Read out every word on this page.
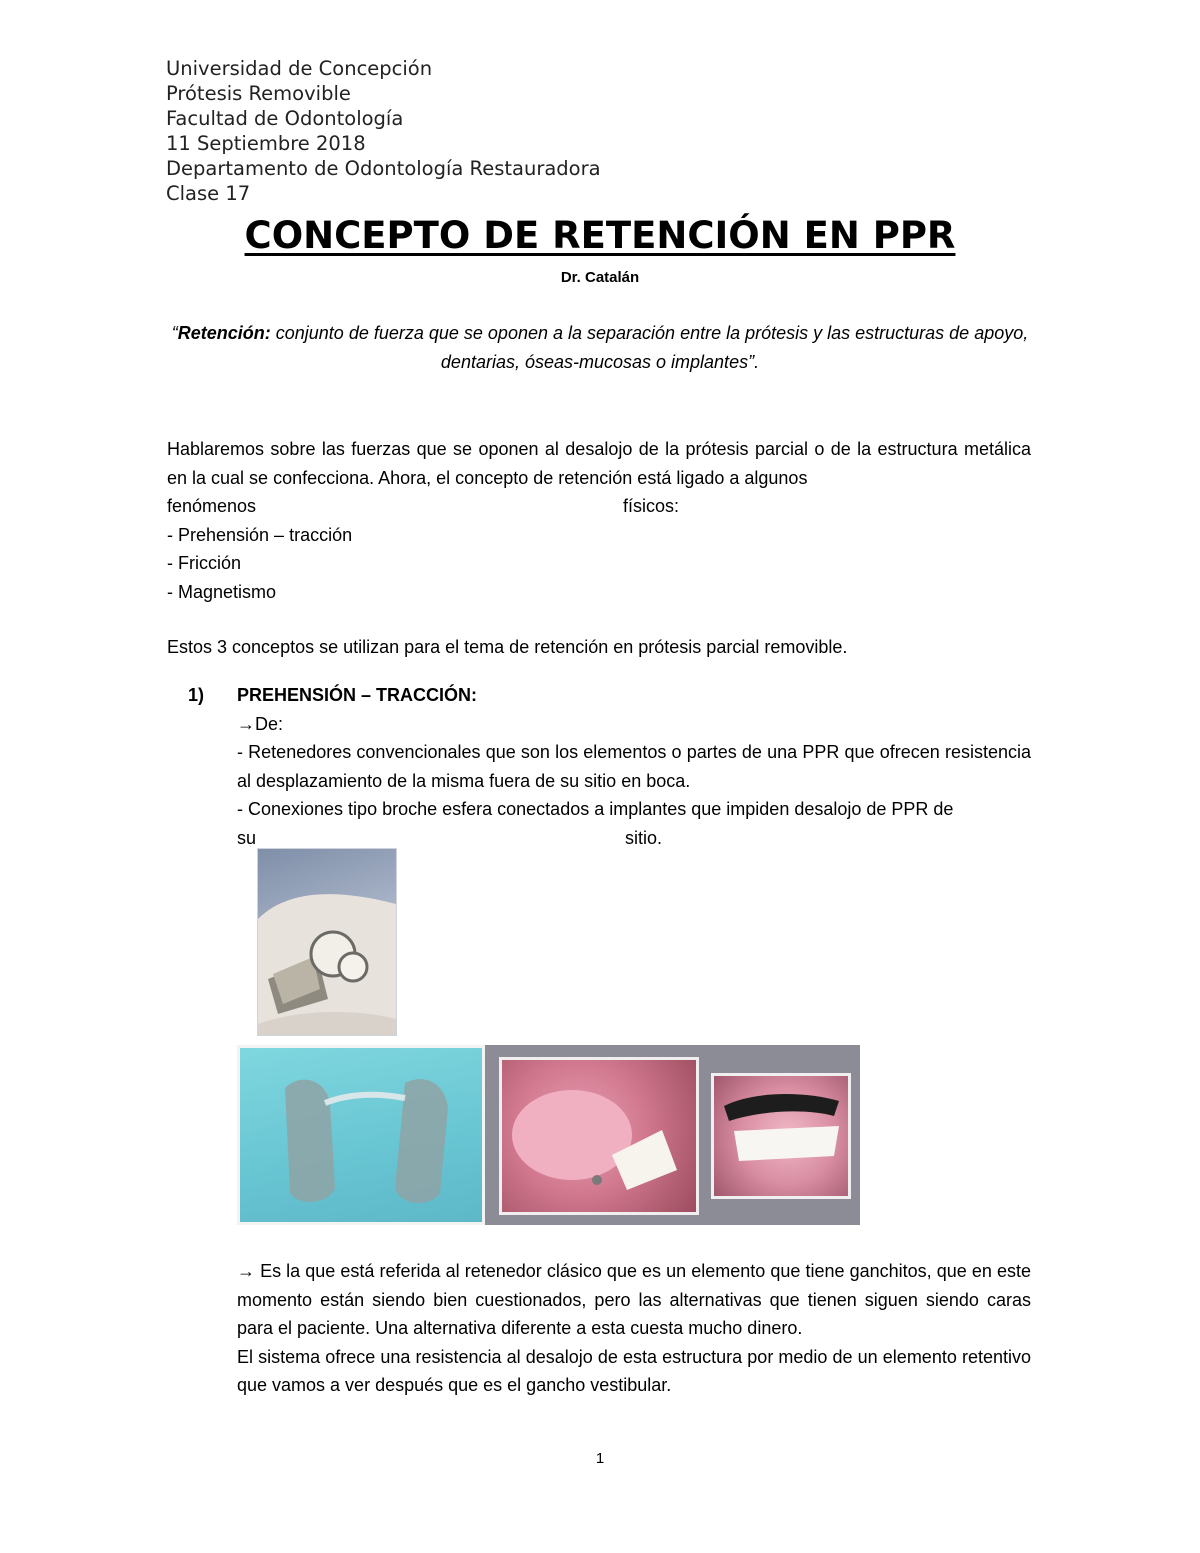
Universidad de Concepción
Prótesis Removible
Facultad de Odontología
11 Septiembre 2018
Departamento de Odontología Restauradora
Clase 17
CONCEPTO DE RETENCIÓN EN PPR
Dr. Catalán
“Retención: conjunto de fuerza que se oponen a la separación entre la prótesis y las estructuras de apoyo, dentarias, óseas-mucosas o implantes”.
Hablaremos sobre las fuerzas que se oponen al desalojo de la prótesis parcial o de la estructura metálica en la cual se confecciona. Ahora, el concepto de retención está ligado a algunos
fenómenos	físicos:
- Prehensión – tracción
- Fricción
- Magnetismo
Estos 3 conceptos se utilizan para el tema de retención en prótesis parcial removible.
1) PREHENSIÓN – TRACCIÓN:
→De:

- Retenedores convencionales que son los elementos o partes de una PPR que ofrecen resistencia al desplazamiento de la misma fuera de su sitio en boca.

- Conexiones tipo broche esfera conectados a implantes que impiden desalojo de PPR de

su	sitio.

→ Es la que está referida al retenedor clásico que es un elemento que tiene ganchitos, que en este momento están siendo bien cuestionados, pero las alternativas que tienen siguen siendo caras para el paciente. Una alternativa diferente a esta cuesta mucho dinero.

El sistema ofrece una resistencia al desalojo de esta estructura por medio de un elemento retentivo que vamos a ver después que es el gancho vestibular.

1
